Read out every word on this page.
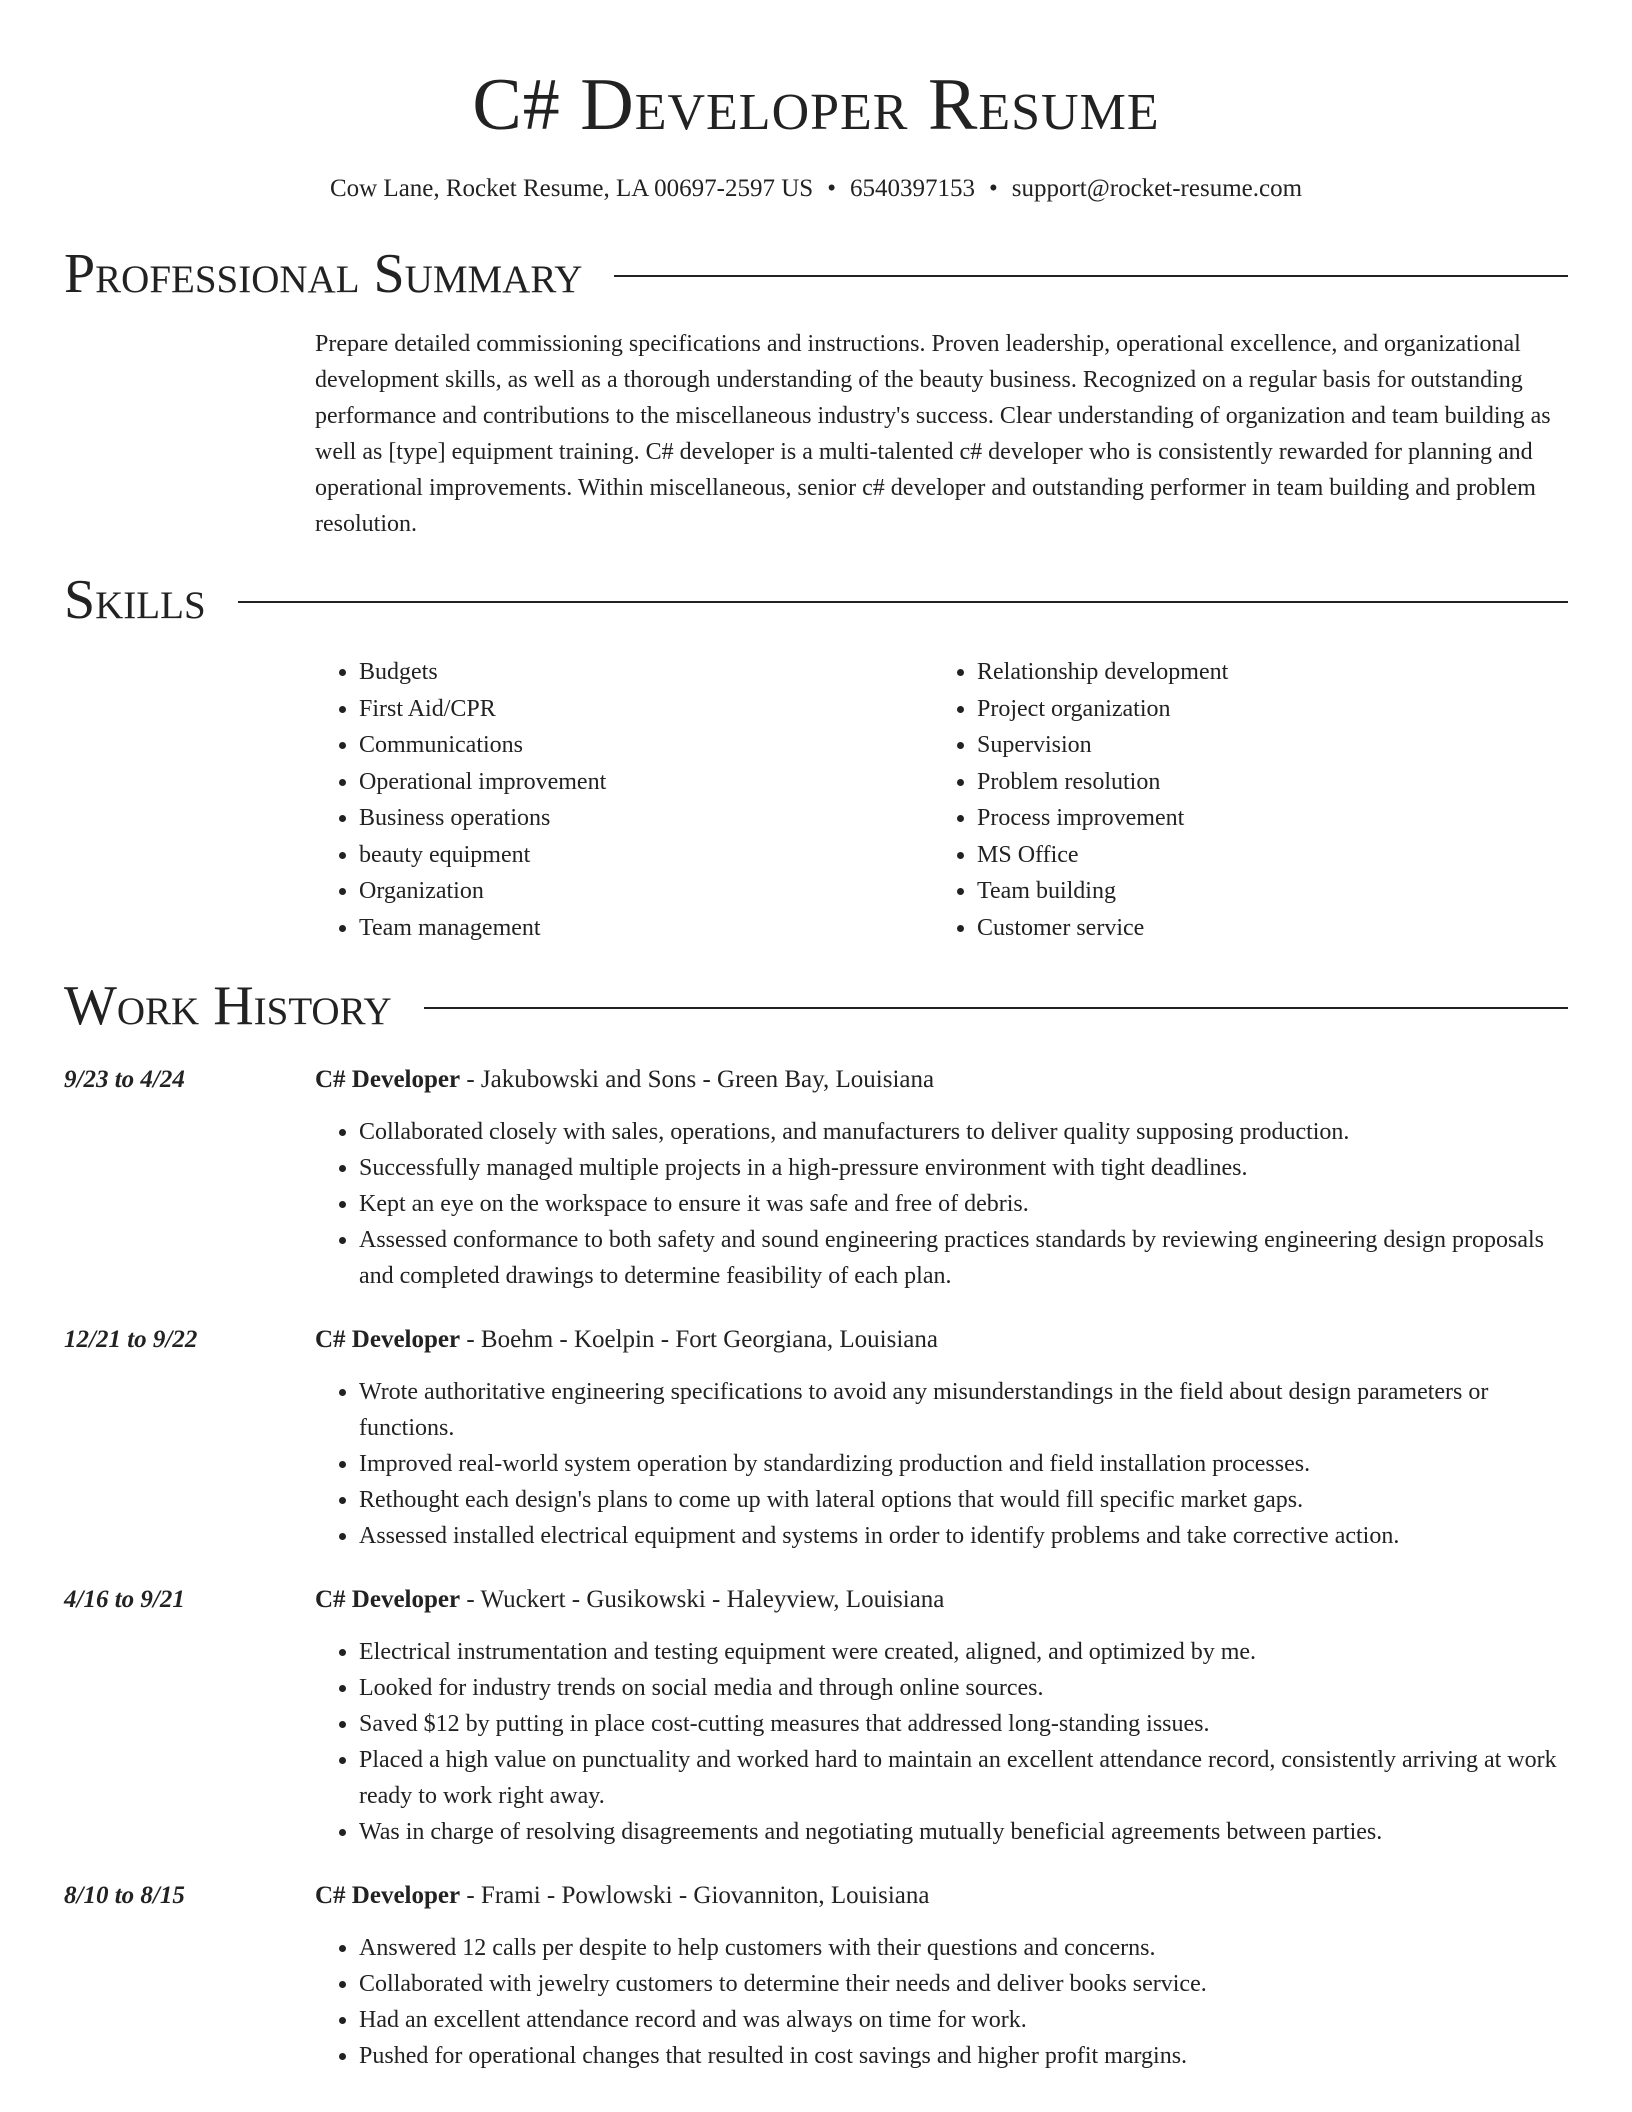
C# Developer Resume
Cow Lane, Rocket Resume, LA 00697-2597 US • 6540397153 • support@rocket-resume.com
Professional Summary
Prepare detailed commissioning specifications and instructions. Proven leadership, operational excellence, and organizational development skills, as well as a thorough understanding of the beauty business. Recognized on a regular basis for outstanding performance and contributions to the miscellaneous industry's success. Clear understanding of organization and team building as well as [type] equipment training. C# developer is a multi-talented c# developer who is consistently rewarded for planning and operational improvements. Within miscellaneous, senior c# developer and outstanding performer in team building and problem resolution.
Skills
• Budgets
• First Aid/CPR
• Communications
• Operational improvement
• Business operations
• beauty equipment
• Organization
• Team management
• Relationship development
• Project organization
• Supervision
• Problem resolution
• Process improvement
• MS Office
• Team building
• Customer service
Work History
9/23 to 4/24	C# Developer - Jakubowski and Sons - Green Bay, Louisiana
• Collaborated closely with sales, operations, and manufacturers to deliver quality supposing production.
• Successfully managed multiple projects in a high-pressure environment with tight deadlines.
• Kept an eye on the workspace to ensure it was safe and free of debris.
• Assessed conformance to both safety and sound engineering practices standards by reviewing engineering design proposals and completed drawings to determine feasibility of each plan.
12/21 to 9/22	C# Developer - Boehm - Koelpin - Fort Georgiana, Louisiana
• Wrote authoritative engineering specifications to avoid any misunderstandings in the field about design parameters or functions.
• Improved real-world system operation by standardizing production and field installation processes.
• Rethought each design's plans to come up with lateral options that would fill specific market gaps.
• Assessed installed electrical equipment and systems in order to identify problems and take corrective action.
4/16 to 9/21	C# Developer - Wuckert - Gusikowski - Haleyview, Louisiana
• Electrical instrumentation and testing equipment were created, aligned, and optimized by me.
• Looked for industry trends on social media and through online sources.
• Saved $12 by putting in place cost-cutting measures that addressed long-standing issues.
• Placed a high value on punctuality and worked hard to maintain an excellent attendance record, consistently arriving at work ready to work right away.
• Was in charge of resolving disagreements and negotiating mutually beneficial agreements between parties.
8/10 to 8/15	C# Developer - Frami - Powlowski - Giovanniton, Louisiana
• Answered 12 calls per despite to help customers with their questions and concerns.
• Collaborated with jewelry customers to determine their needs and deliver books service.
• Had an excellent attendance record and was always on time for work.
• Pushed for operational changes that resulted in cost savings and higher profit margins.
